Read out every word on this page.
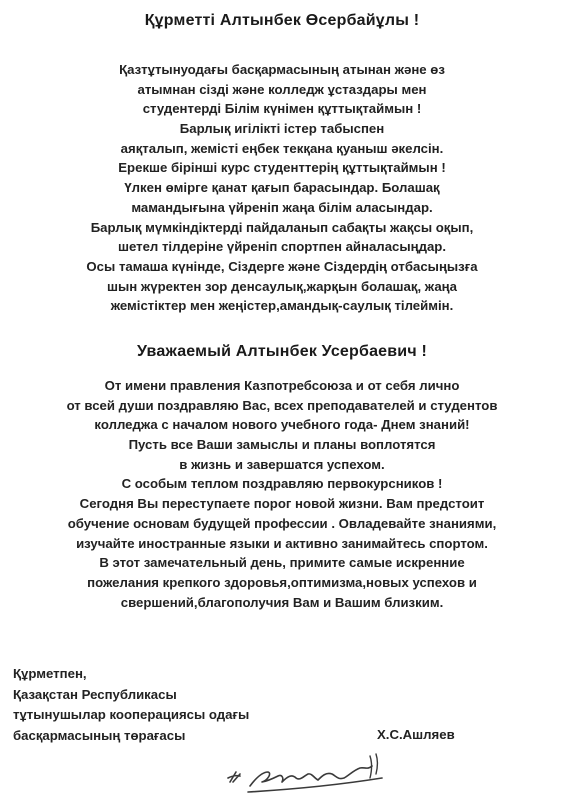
Құрметті Алтынбек Өсербайұлы !
Қазтұтынуодағы басқармасының атынан және өз
атымнан сізді және колледж ұстаздары мен
студентерді Білім күнімен құттықтаймын !
Барлық игілікті істер табыспен
аяқталып, жемісті еңбек текқана қуаныш әкелсін.
Ерекше бірінші курс студенттерің құттықтаймын !
Үлкен өмірге қанат қағып барасындар. Болашақ
мамандығына үйреніп жаңа білім аласындар.
Барлық мүмкіндіктерді пайдаланып сабақты жақсы оқып,
шетел тілдеріне үйреніп спортпен айналасыңдар.
Осы тамаша күнінде, Сіздерге және Сіздердің отбасыңызға
шын жүректен зор денсаулық,жарқын болашақ, жаңа
жемістіктер мен жеңістер,амандық-саулық тілеймін.
Уважаемый Алтынбек Усербаевич !
От имени правления Казпотребсоюза и от себя лично
от всей души поздравляю Вас, всех преподавателей и студентов
колледжа с началом нового учебного года- Днем знаний!
Пусть все Ваши замыслы и планы воплотятся
в жизнь и завершатся успехом.
С особым теплом поздравляю первокурсников !
Сегодня Вы переступаете порог новой жизни. Вам предстоит
обучение основам будущей профессии . Овладевайте знаниями,
изучайте иностранные языки и активно занимайтесь спортом.
В этот замечательный день, примите самые искренние
пожелания крепкого здоровья,оптимизма,новых успехов и
свершений,благополучия Вам и Вашим близким.
Құрметпен,
Қазақстан Республикасы
тұтынушылар кооперациясы одағы
басқармасының төрағасы	Х.С.Ашляев
